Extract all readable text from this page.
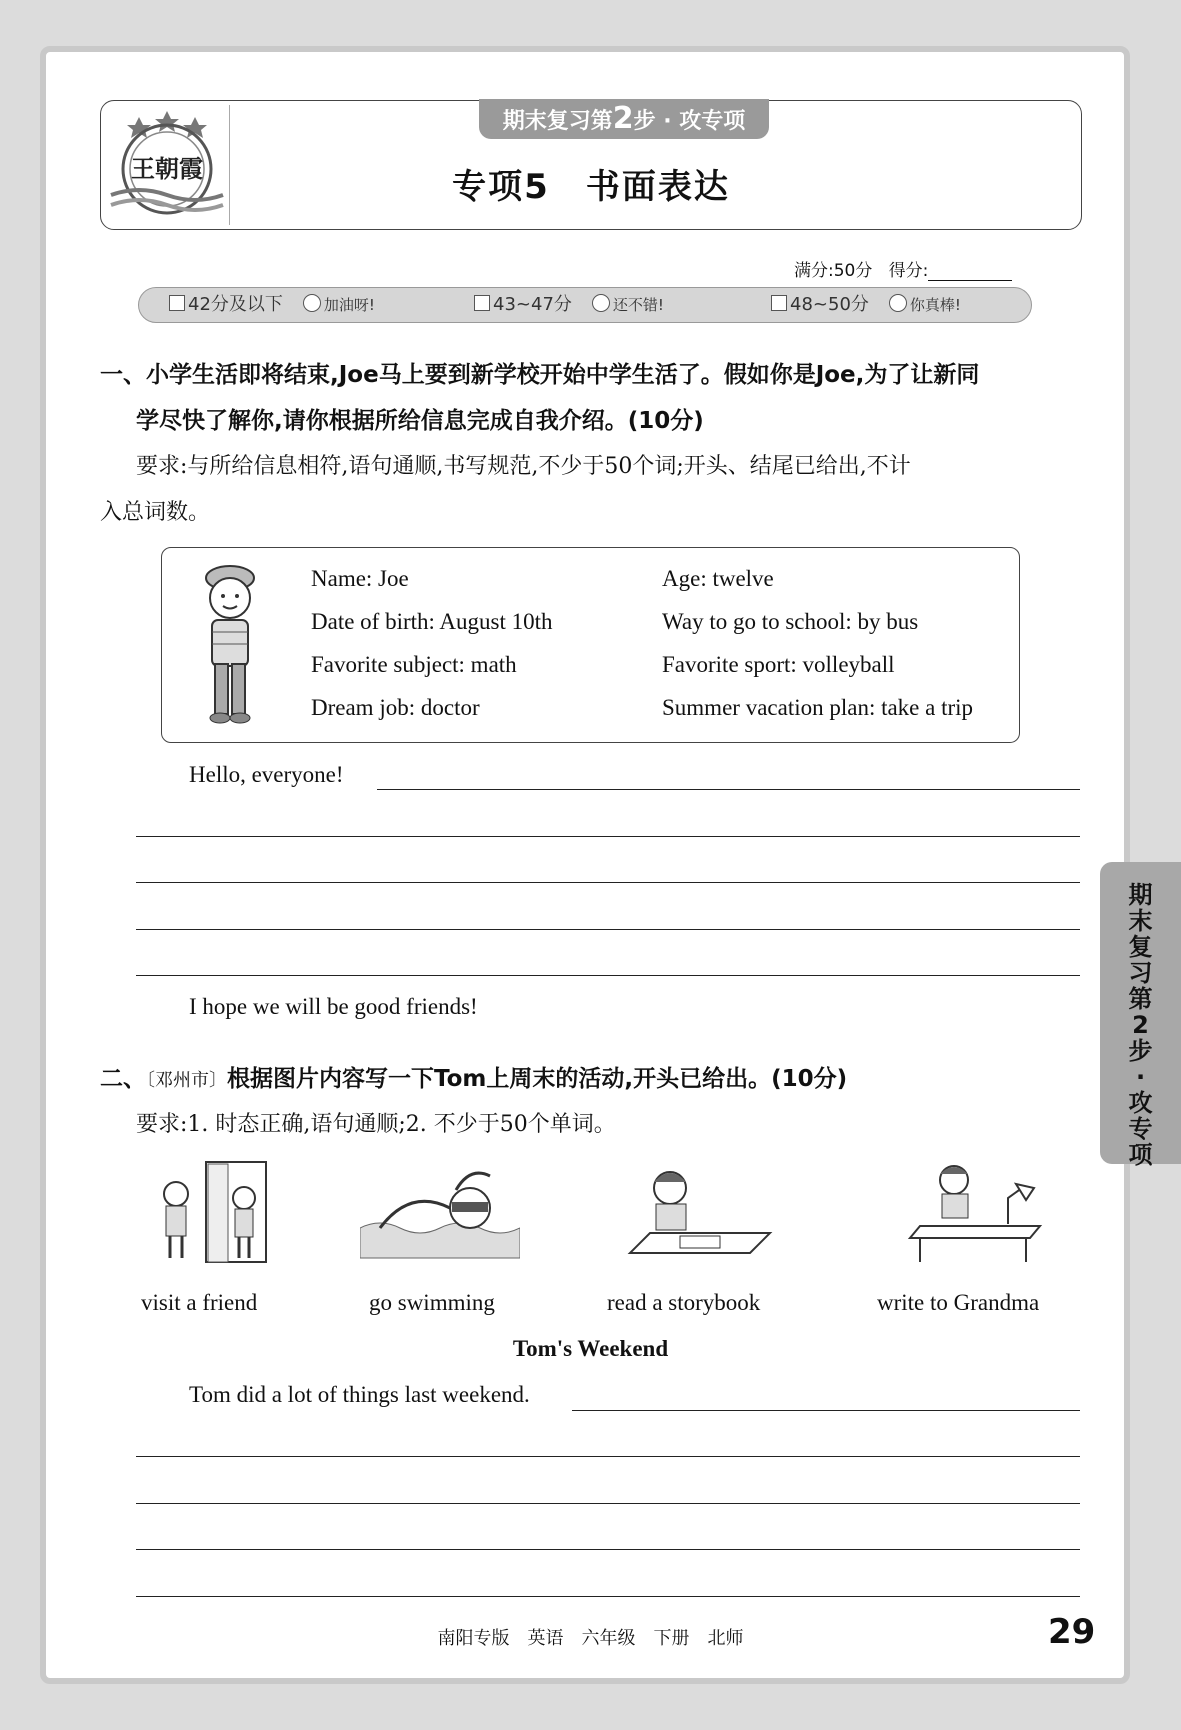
王朝霞
期末复习第2步 · 攻专项
专项5　书面表达
满分:50分 得分:
42分及以下	加油呀!	43~47分	还不错!	48~50分	你真棒!
一、小学生活即将结束,Joe马上要到新学校开始中学生活了。假如你是Joe,为了让新同
学尽快了解你,请你根据所给信息完成自我介绍。(10分)
要求:与所给信息相符,语句通顺,书写规范,不少于50个词;开头、结尾已给出,不计
入总词数。
Name: Joe	Age: twelve
Date of birth: August 10th	Way to go to school: by bus
Favorite subject: math	Favorite sport: volleyball
Dream job: doctor	Summer vacation plan: take a trip
Hello, everyone!
I hope we will be good friends!
二、〔邓州市〕根据图片内容写一下Tom上周末的活动,开头已给出。(10分)
要求:1. 时态正确,语句通顺;2. 不少于50个单词。
visit a friend	go swimming	read a storybook	write to Grandma
Tom's Weekend
Tom did a lot of things last weekend.
期
末
复
习
第
2
步
·
攻
专
项
南阳专版　英语　六年级　下册　北师	29
